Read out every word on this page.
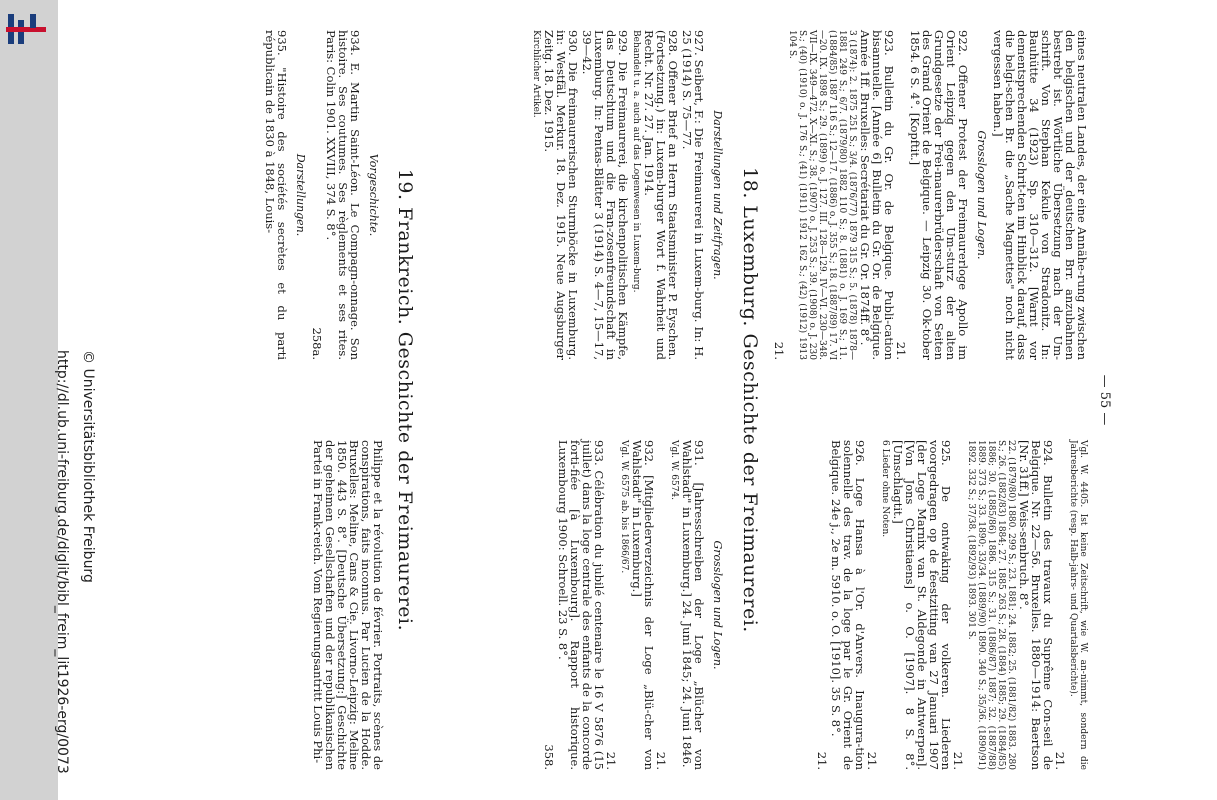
http://dl.ub.uni-freiburg.de/diglit/bibl_freim_lit1926-erg/0073 © Universitätsbibliothek Freiburg	— 55 —

eines neutralen Landes, der eine Annähe-rung zwischen den belgischen und der deutschen Brr. anzubahnen bestrebt ist. Wörtliche Übersetzung nach der Um-schrift. Von Stephan Kekule von Stradonitz. In: Bauhütte 34 (1923) Sp. 310—312. [Warnt vor dementsprechenden Schrit-ten im Hinblick darauf, dass die belgi-schen Br. die „Sache Magnettes" noch nicht vergessen haben.]

Grosslogen und Logen.

922. Offener Protest der Freimaurerloge Apollo im Orient Leipzig gegen den Um-sturz der alten Grundgesetze der Frei-maurerbrüderschaft von Seiten des Grand Orient de Belgique. — Leipzig 30. Ok-tober 1854. 6 S. 4°. [Kopftit.]

21.

923. Bulletin du Gr. Or. de Belgique. Publi-cation bisannuelle. [Année 6] Bulletin du Gr. Or. de Belgique. Année 1ff. Bruxelles: Secrétariat du Gr. Or. 1874ff. 8°.

3 (1874): 2. 1875 251 S.; 3/4. (1876/77) 1879 315 S.; 5. (1878) 1878—1881 249 S.; 6/7. (1879/80) 1882 110 S.; 8. (1881) o. J. 169 S.; 11. (1884/85) 1887 116 S.; 12—17. (1886) o. J. 355 S.; 18. (1887/89) 17. VI—20. IX. 1898 S.; 29. (1899) o. J. 127. III. 128—129. IV—VI. 230—348. VII—IX. 349—472. X—XI. S.; 38. (1907) o. J. 253 S.; 39. (1908) o. J. 230 S.; (40) (1910) o. J. 176 S.; (41) (1911) 1912 162 S.; (42) (1912) 1913 104 S.

21.

Vgl. W. 4405. Ist keine Zeitschrift, wie W. an-nimmt, sondern die Jahresberichte (resp. Halb-jahrs- und Quartalsberichte).

21.

924. Bulletin des travaux du Suprême Con-seil de Belgique. Nr. 22—56. Bruxelles. 1880—1914: Baertson [Nr. 31ff.] Weis-senbruch. 8°.

22. (1879/80) 1880. 299 S.; 23. 1881; 24. 1882; 25. (1881/82) 1883. 280 S.; 26. (1882/83) 1884; 27. 1885 263 S.; 28. (1884) 1885; 29. (1884/85) 1886; 30. (1885/86) 1886. 315 S.; 31. (1886/87) 1887; 32. (1887/88) 1889. 373 S.; 33. 1890; 33/34. (1889/90) 1890. 340 S.; 35/36. (1890/91) 1892. 332 S.; 37/38. (1892/93) 1893. 301 S.

21.

925. De ontwaking der volkeren. Liederen voorgedragen op de feestzitting van 27 Januari 1907 [der Loge Marnix van St. Aldegonde in Antwerpen]. [Von Jons Christiaens] o. O. [1907]. 8 S. 8°. [Umschlagtit.]

6 Lieder ohne Noten.

21.

926. Loge Hansa à l'Or. d'Anvers. Inaugura-tion solennelle des trav. de la loge par le Gr. Orient de Belgique. 24e j., 2e m. 5910. o. O. [1910]. 35 S. 8°.

21.
18. Luxemburg. Geschichte der Freimaurerei.
Darstellungen und Zeitfragen.

927. Seibert, F.: Die Freimaurerei in Luxem-burg. In: H. 25 (1914) S. 75—77.

928. Offener Brief an Herrn Staatsminister P. Eyschen. (Fortsetzung.) in: Luxem-burger Wort f. Wahrheit und Recht. Nr. 27. 27. Jan. 1914.

Behandelt u. a. auch auf das Logenwesen in Luxem-burg.

929. Die Freimaurerei, die kirchenpolitischen Kämpfe, das Deutschtum und die Fran-zosenfreundschaft in Luxemburg. In: Pentas-Blätter 3 (1914) S. 4—7, 15—17, 39—42.

930. Die freimaurerischen Sturmböcke in Luxemburg. in: Westfäl. Merkur. 18. Dez. 1915. Neue Augsburger Zeitg. 18. Dez. 1915.

Kirchlicher Artikel.

Grosslogen und Logen.

931. [Jahresschreiben der Loge „Blücher von Wahlstadt" in Luxemburg.] 24. Juni 1845; 24. Juni 1846.

Vgl. W. 6574.

21.

932. [Mitgliederverzeichnis der Loge „Blü-cher von Wahlstadt" in Luxemburg.]

Vgl. W. 6575 ab. bis 1866/67.

21.

933. Célébration du jubilé centenaire le 16 V 5876 (15 juillet) dans la loge centrale des enfants de la concorde forti-fiée [à Luxembourg]. Rapport historique. Luxembourg 1900: Schroell. 23 S. 8°.

358.
19. Frankreich. Geschichte der Freimaurerei.
Vorgeschichte.

934. E. Martin Saint-Léon. Le Compagn-onnage. Son histoire. Ses coutumes. Ses règlements et ses rites. Paris: Colin 1901. XXVIII, 374 S. 8°.

258a.
Darstellungen.

935. "Histoire des sociétés secrètes et du parti républicain de 1830 à 1848, Louis-

Philippe et la révolution de février. Portraits, scènes de conspirations, faits inconnus. Par Lucien de la Hodde. Bruxelles: Meline, Cans & Cie. Livorno-Leipzig: Meline 1850. 443 S. 8°. [Deutsche Übersetzung:] Geschichte der geheimen Gesellschaften und der republikanischen Partei in Frank-reich. Vom Regierungsantritt Louis Phi-
